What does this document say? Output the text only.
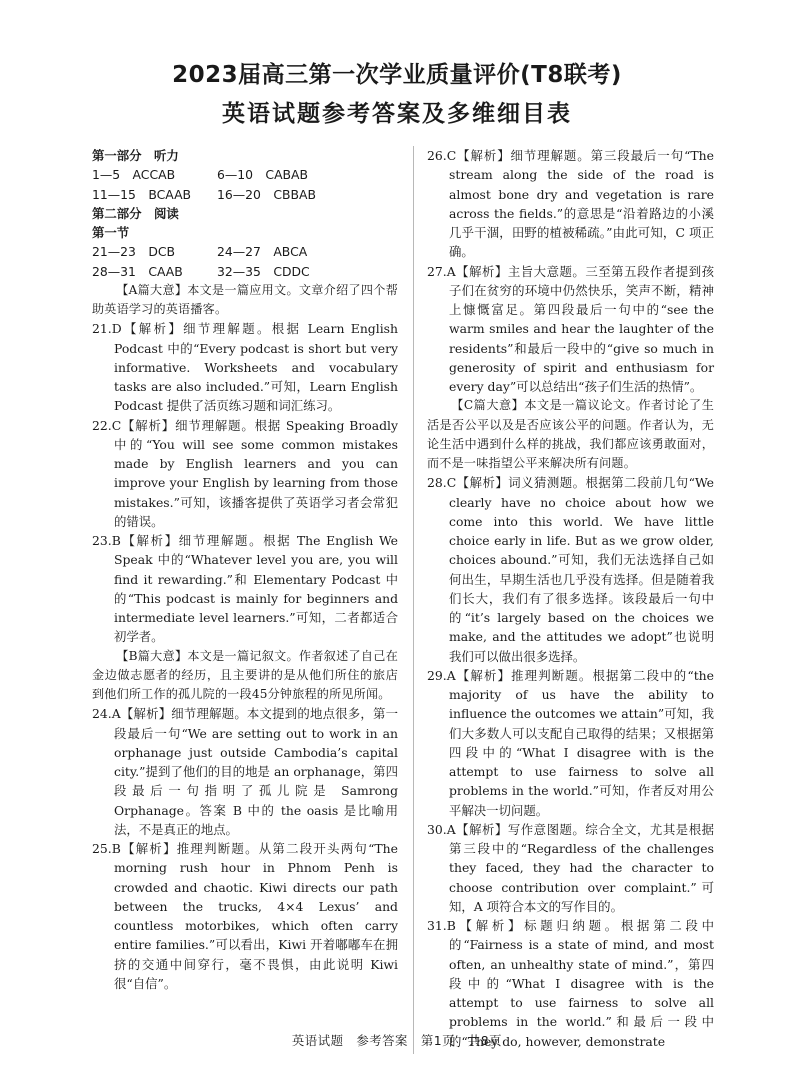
2023届高三第一次学业质量评价(T8联考)
英语试题参考答案及多维细目表

第一部分　听力

1—5　ACCAB	6—10　CABAB
11—15　BCAAB	16—20　CBBAB

第二部分　阅读

第一节

21—23　DCB	24—27　ABCA
28—31　CAAB	32—35　CDDC

【A篇大意】本文是一篇应用文。文章介绍了四个帮助英语学习的英语播客。

21.D【解析】细节理解题。根据 Learn English Podcast 中的“Every podcast is short but very informative. Worksheets and vocabulary tasks are also included.”可知，Learn English Podcast 提供了活页练习题和词汇练习。

22.C【解析】细节理解题。根据 Speaking Broadly 中的“You will see some common mistakes made by English learners and you can improve your English by learning from those mistakes.”可知，该播客提供了英语学习者会常犯的错误。

23.B【解析】细节理解题。根据 The English We Speak 中的“Whatever level you are, you will find it rewarding.”和 Elementary Podcast 中的“This podcast is mainly for beginners and intermediate level learners.”可知，二者都适合初学者。

【B篇大意】本文是一篇记叙文。作者叙述了自己在金边做志愿者的经历，且主要讲的是从他们所住的旅店到他们所工作的孤儿院的一段45分钟旅程的所见所闻。

24.A【解析】细节理解题。本文提到的地点很多，第一段最后一句“We are setting out to work in an orphanage just outside Cambodia’s capital city.”提到了他们的目的地是 an orphanage，第四段最后一句指明了孤儿院是 Samrong Orphanage。答案 B 中的 the oasis 是比喻用法，不是真正的地点。

25.B【解析】推理判断题。从第二段开头两句“The morning rush hour in Phnom Penh is crowded and chaotic. Kiwi directs our path between the trucks, 4×4 Lexus’ and countless motorbikes, which often carry entire families.”可以看出，Kiwi 开着嘟嘟车在拥挤的交通中间穿行，毫不畏惧，由此说明 Kiwi 很“自信”。

26.C【解析】细节理解题。第三段最后一句“The stream along the side of the road is almost bone dry and vegetation is rare across the fields.”的意思是“沿着路边的小溪几乎干涸，田野的植被稀疏。”由此可知，C 项正确。

27.A【解析】主旨大意题。三至第五段作者提到孩子们在贫穷的环境中仍然快乐，笑声不断，精神上慷慨富足。第四段最后一句中的“see the warm smiles and hear the laughter of the residents”和最后一段中的“give so much in generosity of spirit and enthusiasm for every day”可以总结出“孩子们生活的热情”。

【C篇大意】本文是一篇议论文。作者讨论了生活是否公平以及是否应该公平的问题。作者认为，无论生活中遇到什么样的挑战，我们都应该勇敢面对，而不是一味指望公平来解决所有问题。

28.C【解析】词义猜测题。根据第二段前几句“We clearly have no choice about how we come into this world. We have little choice early in life. But as we grow older, choices abound.”可知，我们无法选择自己如何出生，早期生活也几乎没有选择。但是随着我们长大，我们有了很多选择。该段最后一句中的“it’s largely based on the choices we make, and the attitudes we adopt”也说明我们可以做出很多选择。

29.A【解析】推理判断题。根据第二段中的“the majority of us have the ability to influence the outcomes we attain”可知，我们大多数人可以支配自己取得的结果；又根据第四段中的“What I disagree with is the attempt to use fairness to solve all problems in the world.”可知，作者反对用公平解决一切问题。

30.A【解析】写作意图题。综合全文，尤其是根据第三段中的“Regardless of the challenges they faced, they had the character to choose contribution over complaint.”可知，A 项符合本文的写作目的。

31.B【解析】标题归纳题。根据第二段中的“Fairness is a state of mind, and most often, an unhealthy state of mind.”，第四段中的“What I disagree with is the attempt to use fairness to solve all problems in the world.”和最后一段中的“They do, however, demonstrate

英语试题　参考答案　第1页　共8页
